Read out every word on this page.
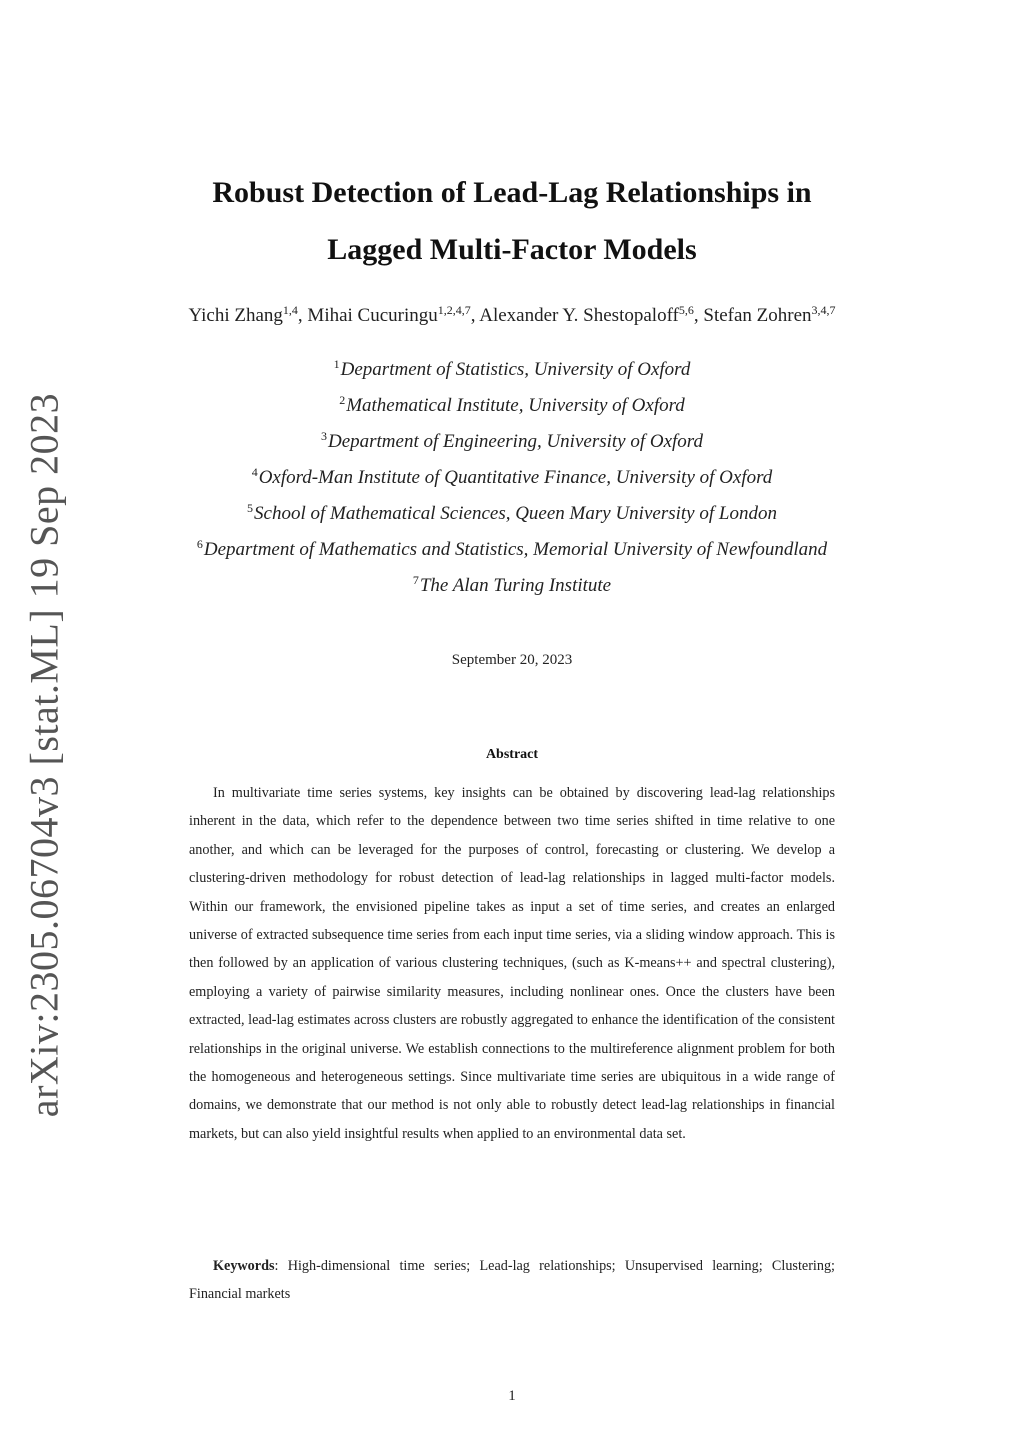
arXiv:2305.06704v3 [stat.ML] 19 Sep 2023
Robust Detection of Lead-Lag Relationships in
Lagged Multi-Factor Models
Yichi Zhang$^{1,4}$, Mihai Cucuringu$^{1,2,4,7}$, Alexander Y. Shestopaloff$^{5,6}$, Stefan Zohren$^{3,4,7}$
$^1$Department of Statistics, University of Oxford
$^2$Mathematical Institute, University of Oxford
$^3$Department of Engineering, University of Oxford
$^4$Oxford-Man Institute of Quantitative Finance, University of Oxford
$^5$School of Mathematical Sciences, Queen Mary University of London
$^6$Department of Mathematics and Statistics, Memorial University of Newfoundland
$^7$The Alan Turing Institute
September 20, 2023
Abstract

In multivariate time series systems, key insights can be obtained by discovering lead-lag relationships inherent in the data, which refer to the dependence between two time series shifted in time relative to one another, and which can be leveraged for the purposes of control, forecasting or clustering. We develop a clustering-driven methodology for robust detection of lead-lag relationships in lagged multi-factor models. Within our framework, the envisioned pipeline takes as input a set of time series, and creates an enlarged universe of extracted subsequence time series from each input time series, via a sliding window approach. This is then followed by an application of various clustering techniques, (such as K-means++ and spectral clustering), employing a variety of pairwise similarity measures, including nonlinear ones. Once the clusters have been extracted, lead-lag estimates across clusters are robustly aggregated to enhance the identification of the consistent relationships in the original universe. We establish connections to the multireference alignment problem for both the homogeneous and heterogeneous settings. Since multivariate time series are ubiquitous in a wide range of domains, we demonstrate that our method is not only able to robustly detect lead-lag relationships in financial markets, but can also yield insightful results when applied to an environmental data set.

Keywords: High-dimensional time series; Lead-lag relationships; Unsupervised learning; Clustering; Financial markets

1
